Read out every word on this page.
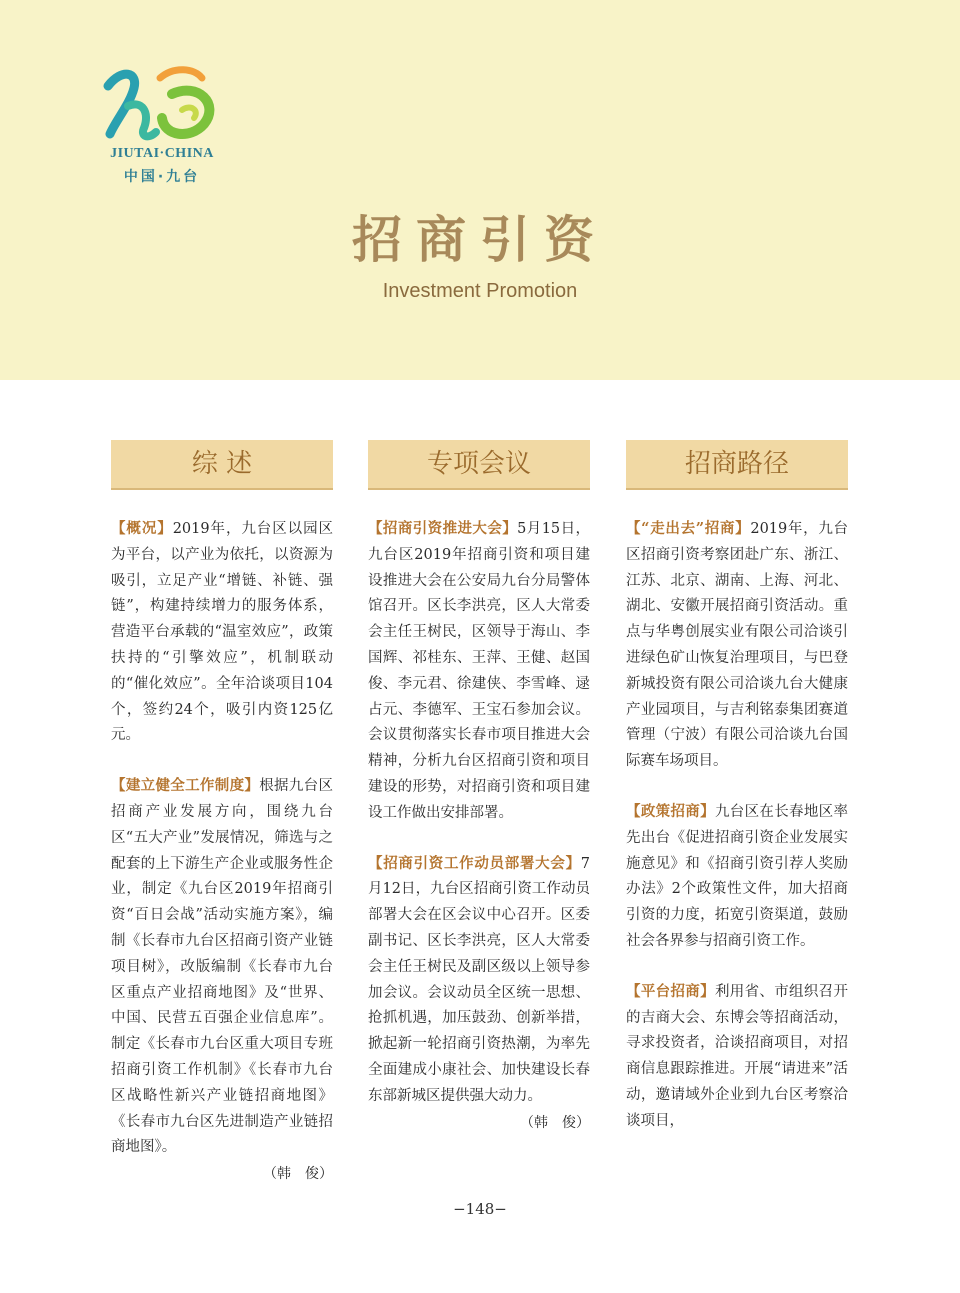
JIUTAI·CHINA
中国·九台
招商引资
Investment Promotion
综 述

【概况】2019年，九台区以园区为平台，以产业为依托，以资源为吸引，立足产业“增链、补链、强链”，构建持续增力的服务体系，营造平台承载的“温室效应”，政策扶持的“引擎效应”，机制联动的“催化效应”。全年洽谈项目104个，签约24个，吸引内资125亿元。

【建立健全工作制度】根据九台区招商产业发展方向，围绕九台区“五大产业”发展情况，筛选与之配套的上下游生产企业或服务性企业，制定《九台区2019年招商引资“百日会战”活动实施方案》，编制《长春市九台区招商引资产业链项目树》，改版编制《长春市九台区重点产业招商地图》及“世界、中国、民营五百强企业信息库”。制定《长春市九台区重大项目专班招商引资工作机制》《长春市九台区战略性新兴产业链招商地图》《长春市九台区先进制造产业链招商地图》。

（韩　俊）
专项会议

【招商引资推进大会】5月15日，九台区2019年招商引资和项目建设推进大会在公安局九台分局警体馆召开。区长李洪亮，区人大常委会主任王树民，区领导于海山、李国辉、祁桂东、王萍、王健、赵国俊、李元君、徐建侠、李雪峰、逯占元、李德军、王宝石参加会议。会议贯彻落实长春市项目推进大会精神，分析九台区招商引资和项目建设的形势，对招商引资和项目建设工作做出安排部署。

【招商引资工作动员部署大会】7月12日，九台区招商引资工作动员部署大会在区会议中心召开。区委副书记、区长李洪亮，区人大常委会主任王树民及副区级以上领导参加会议。会议动员全区统一思想、抢抓机遇，加压鼓劲、创新举措，掀起新一轮招商引资热潮，为率先全面建成小康社会、加快建设长春东部新城区提供强大动力。

（韩　俊）
招商路径

【“走出去”招商】2019年，九台区招商引资考察团赴广东、浙江、江苏、北京、湖南、上海、河北、湖北、安徽开展招商引资活动。重点与华粤创展实业有限公司洽谈引进绿色矿山恢复治理项目，与巴登新城投资有限公司洽谈九台大健康产业园项目，与吉利铭泰集团赛道管理（宁波）有限公司洽谈九台国际赛车场项目。

【政策招商】九台区在长春地区率先出台《促进招商引资企业发展实施意见》和《招商引资引荐人奖励办法》2个政策性文件，加大招商引资的力度，拓宽引资渠道，鼓励社会各界参与招商引资工作。

【平台招商】利用省、市组织召开的吉商大会、东博会等招商活动，寻求投资者，洽谈招商项目，对招商信息跟踪推进。开展“请进来”活动，邀请域外企业到九台区考察洽谈项目，

−148−
